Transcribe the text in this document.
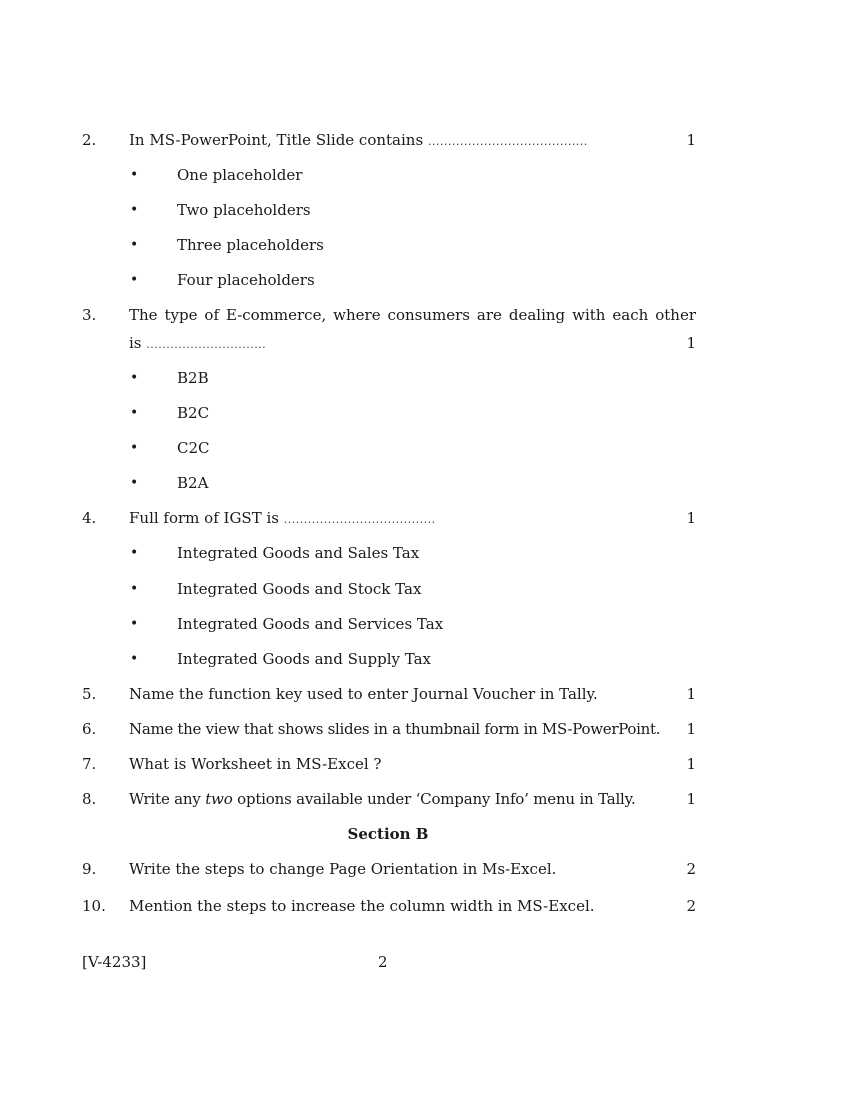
2.	In MS-PowerPoint, Title Slide contains ........................................	1
•	One placeholder
•	Two placeholders
•	Three placeholders
•	Four placeholders
3.	The type of E-commerce, where consumers are dealing with each other
is ..............................	1
•	B2B
•	B2C
•	C2C
•	B2A
4.	Full form of IGST is ......................................	1
•	Integrated Goods and Sales Tax
•	Integrated Goods and Stock Tax
•	Integrated Goods and Services Tax
•	Integrated Goods and Supply Tax
5.	Name the function key used to enter Journal Voucher in Tally.	1
6.	Name the view that shows slides in a thumbnail form in MS-PowerPoint.	1
7.	What is Worksheet in MS-Excel ?	1
8.	Write any two options available under ‘Company Info’ menu in Tally.	1
Section B
9.	Write the steps to change Page Orientation in Ms-Excel.	2
10.	Mention the steps to increase the column width in MS-Excel.	2
[V-4233]	2
